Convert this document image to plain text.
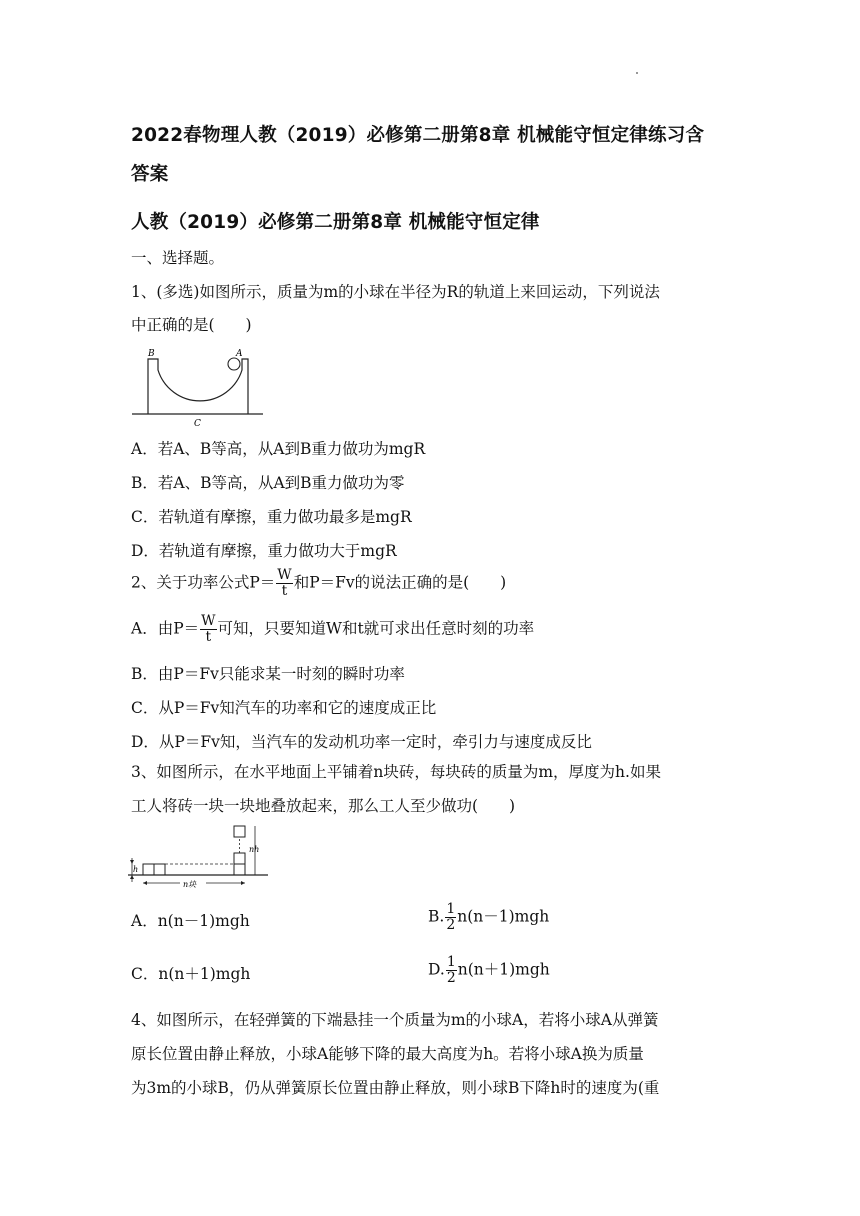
2022春物理人教（2019）必修第二册第8章 机械能守恒定律练习含
答案
人教（2019）必修第二册第8章 机械能守恒定律
一、选择题。
1、(多选)如图所示，质量为m的小球在半径为R的轨道上来回运动，下列说法
中正确的是(　　)
B	A
C
A．若A、B等高，从A到B重力做功为mgR
B．若A、B等高，从A到B重力做功为零
C．若轨道有摩擦，重力做功最多是mgR
D．若轨道有摩擦，重力做功大于mgR
2、关于功率公式$P= \frac{W}{t}$ 和P＝Fv的说法正确的是(　　)
A．由$P= \frac{W}{t}$ 可知，只要知道W和t就可求出任意时刻的功率
B．由P＝Fv只能求某一时刻的瞬时功率
C．从P＝Fv知汽车的功率和它的速度成正比
D．从P＝Fv知，当汽车的发动机功率一定时，牵引力与速度成反比
3、如图所示，在水平地面上平铺着n块砖，每块砖的质量为m，厚度为h.如果
工人将砖一块一块地叠放起来，那么工人至少做功(　　)
h
nh
n块
A．n(n－1)mgh	B. $\frac{1}{2} n(n-1)mgh$
C．n(n＋1)mgh	D. $\frac{1}{2} n(n+1)mgh$
4、如图所示，在轻弹簧的下端悬挂一个质量为m的小球A，若将小球A从弹簧
原长位置由静止释放，小球A能够下降的最大高度为h。若将小球A换为质量
为3m的小球B，仍从弹簧原长位置由静止释放，则小球B下降h时的速度为(重
